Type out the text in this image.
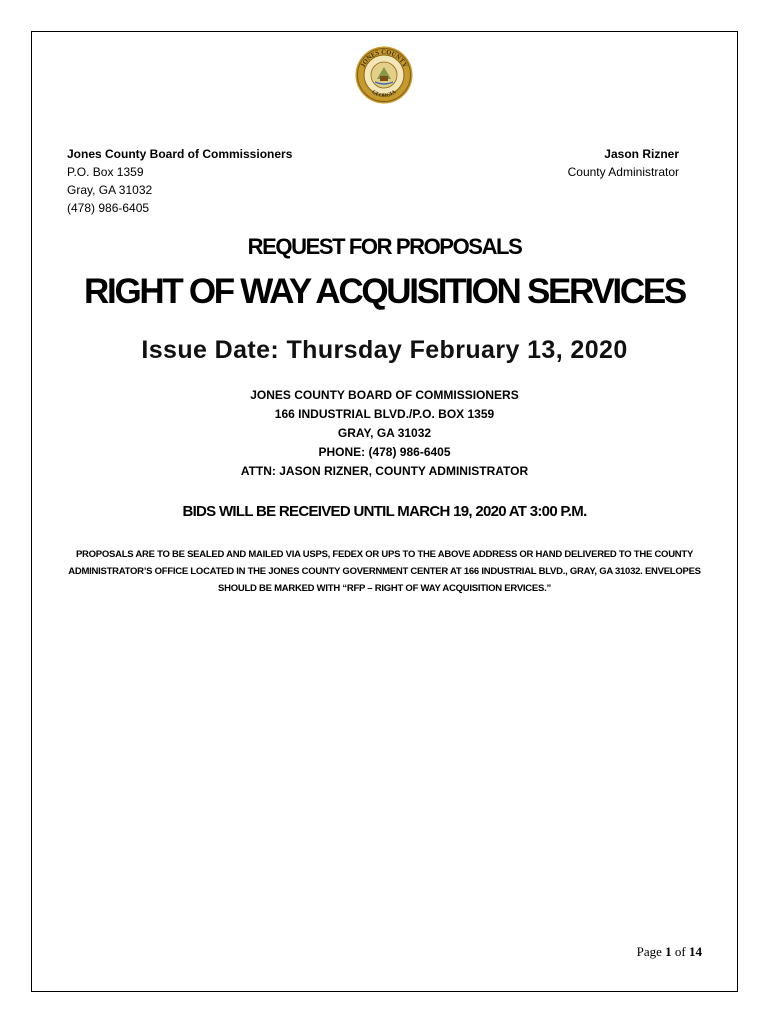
JONES COUNTY
GEORGIA
Jones County Board of Commissioners
P.O. Box 1359
Gray, GA 31032
(478) 986-6405
Jason Rizner
County Administrator
REQUEST FOR PROPOSALS
RIGHT OF WAY ACQUISITION SERVICES
Issue Date: Thursday February 13, 2020
JONES COUNTY BOARD OF COMMISSIONERS
166 INDUSTRIAL BLVD./P.O. BOX 1359
GRAY, GA 31032
PHONE: (478) 986-6405
ATTN: JASON RIZNER, COUNTY ADMINISTRATOR
BIDS WILL BE RECEIVED UNTIL MARCH 19, 2020 AT 3:00 P.M.
PROPOSALS ARE TO BE SEALED AND MAILED VIA USPS, FEDEX OR UPS TO THE ABOVE ADDRESS OR HAND DELIVERED TO THE COUNTY ADMINISTRATOR’S OFFICE LOCATED IN THE JONES COUNTY GOVERNMENT CENTER AT 166 INDUSTRIAL BLVD., GRAY, GA 31032. ENVELOPES SHOULD BE MARKED WITH “RFP – RIGHT OF WAY ACQUISITION ERVICES.”
Page 1 of 14
